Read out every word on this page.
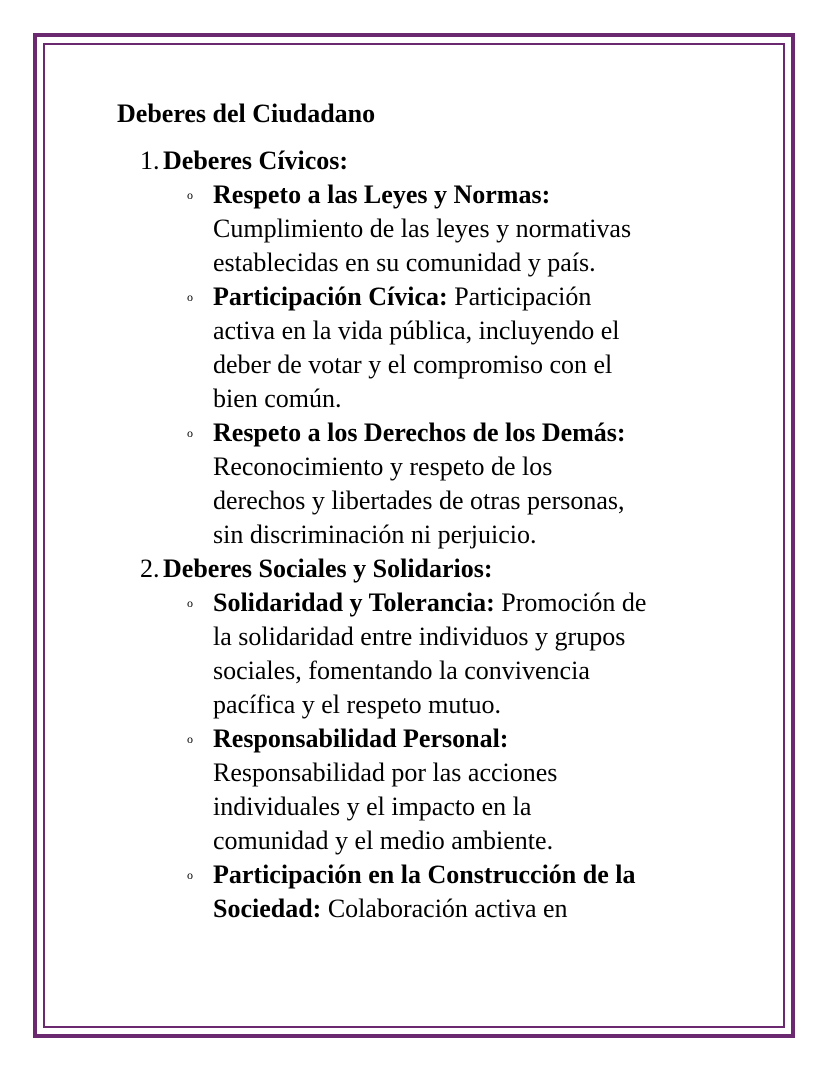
Deberes del Ciudadano
1. Deberes Cívicos:
o Respeto a las Leyes y Normas:
Cumplimiento de las leyes y normativas
establecidas en su comunidad y país.
o Participación Cívica: Participación
activa en la vida pública, incluyendo el
deber de votar y el compromiso con el
bien común.
o Respeto a los Derechos de los Demás:
Reconocimiento y respeto de los
derechos y libertades de otras personas,
sin discriminación ni perjuicio.
2. Deberes Sociales y Solidarios:
o Solidaridad y Tolerancia: Promoción de
la solidaridad entre individuos y grupos
sociales, fomentando la convivencia
pacífica y el respeto mutuo.
o Responsabilidad Personal:
Responsabilidad por las acciones
individuales y el impacto en la
comunidad y el medio ambiente.
o Participación en la Construcción de la
Sociedad: Colaboración activa en
